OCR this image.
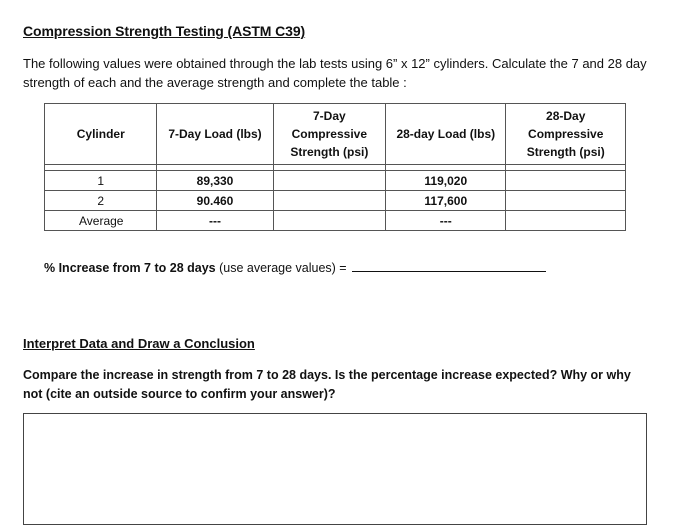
Compression Strength Testing (ASTM C39)
The following values were obtained through the lab tests using 6” x 12” cylinders. Calculate the 7 and 28 day strength of each and the average strength and complete the table :
Cylinder	7-Day Load (lbs)	7-Day Compressive Strength (psi)	28-day Load (lbs)	28-Day Compressive Strength (psi)

1	89,330		119,020	
2	90.460		117,600	
Average	---		---	
% Increase from 7 to 28 days (use average values) =
Interpret Data and Draw a Conclusion
Compare the increase in strength from 7 to 28 days. Is the percentage increase expected? Why or why not (cite an outside source to confirm your answer)?
